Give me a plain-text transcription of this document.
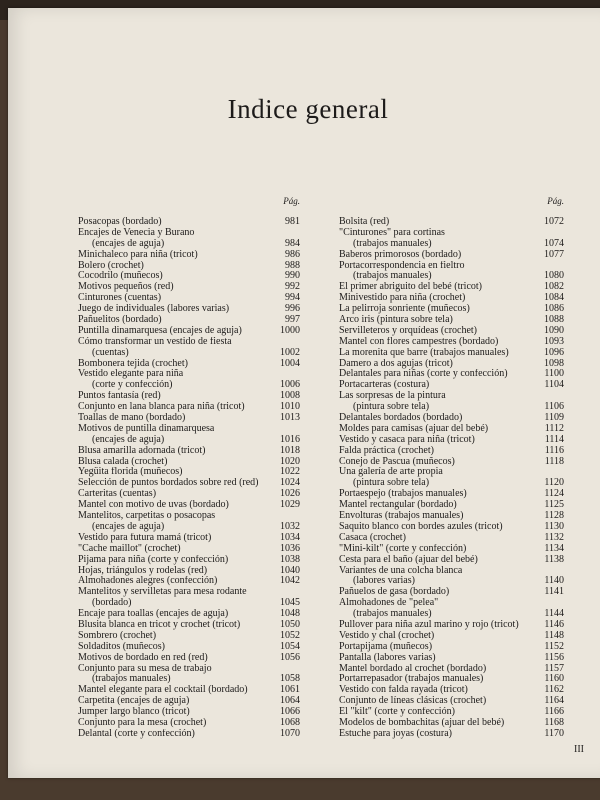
Indice general
Pág.
Posacopas (bordado)	981
Encajes de Venecia y Burano
(encajes de aguja)	984
Minichaleco para niña (tricot)	986
Bolero (crochet)	988
Cocodrilo (muñecos)	990
Motivos pequeños (red)	992
Cinturones (cuentas)	994
Juego de individuales (labores varias)	996
Pañuelitos (bordado)	997
Puntilla dinamarquesa (encajes de aguja)	1000
Cómo transformar un vestido de fiesta
(cuentas)	1002
Bombonera tejida (crochet)	1004
Vestido elegante para niña
(corte y confección)	1006
Puntos fantasía (red)	1008
Conjunto en lana blanca para niña (tricot)	1010
Toallas de mano (bordado)	1013
Motivos de puntilla dinamarquesa
(encajes de aguja)	1016
Blusa amarilla adornada (tricot)	1018
Blusa calada (crochet)	1020
Yegüita florida (muñecos)	1022
Selección de puntos bordados sobre red (red) 1024
Carteritas (cuentas)	1026
Mantel con motivo de uvas (bordado)	1029
Mantelitos, carpetitas o posacopas
(encajes de aguja)	1032
Vestido para futura mamá (tricot)	1034
"Cache maillot" (crochet)	1036
Pijama para niña (corte y confección)	1038
Hojas, triángulos y rodelas (red)	1040
Almohadones alegres (confección)	1042
Mantelitos y servilletas para mesa rodante
(bordado)	1045
Encaje para toallas (encajes de aguja)	1048
Blusita blanca en tricot y crochet (tricot)	1050
Sombrero (crochet)	1052
Soldaditos (muñecos)	1054
Motivos de bordado en red (red)	1056
Conjunto para su mesa de trabajo
(trabajos manuales)	1058
Mantel elegante para el cocktail (bordado)	1061
Carpetita (encajes de aguja)	1064
Jumper largo blanco (tricot)	1066
Conjunto para la mesa (crochet)	1068
Delantal (corte y confección)	1070
Pág.
Bolsita (red)	1072
"Cinturones" para cortinas
(trabajos manuales)	1074
Baberos primorosos (bordado)	1077
Portacorrespondencia en fieltro
(trabajos manuales)	1080
El primer abriguito del bebé (tricot)	1082
Minivestido para niña (crochet)	1084
La pelirroja sonriente (muñecos)	1086
Arco iris (pintura sobre tela)	1088
Servilleteros y orquídeas (crochet)	1090
Mantel con flores campestres (bordado)	1093
La morenita que barre (trabajos manuales)	1096
Damero a dos agujas (tricot)	1098
Delantales para niñas (corte y confección)	1100
Portacarteras (costura)	1104
Las sorpresas de la pintura
(pintura sobre tela)	1106
Delantales bordados (bordado)	1109
Moldes para camisas (ajuar del bebé)	1112
Vestido y casaca para niña (tricot)	1114
Falda práctica (crochet)	1116
Conejo de Pascua (muñecos)	1118
Una galería de arte propia
(pintura sobre tela)	1120
Portaespejo (trabajos manuales)	1124
Mantel rectangular (bordado)	1125
Envolturas (trabajos manuales)	1128
Saquito blanco con bordes azules (tricot)	1130
Casaca (crochet)	1132
"Mini-kilt" (corte y confección)	1134
Cesta para el baño (ajuar del bebé)	1138
Variantes de una colcha blanca
(labores varias)	1140
Pañuelos de gasa (bordado)	1141
Almohadones de "pelea"
(trabajos manuales)	1144
Pullover para niña azul marino y rojo (tricot)	1146
Vestido y chal (crochet)	1148
Portapijama (muñecos)	1152
Pantalla (labores varias)	1156
Mantel bordado al crochet (bordado)	1157
Portarrepasador (trabajos manuales)	1160
Vestido con falda rayada (tricot)	1162
Conjunto de líneas clásicas (crochet)	1164
El "kilt" (corte y confección)	1166
Modelos de bombachitas (ajuar del bebé)	1168
Estuche para joyas (costura)	1170
III
